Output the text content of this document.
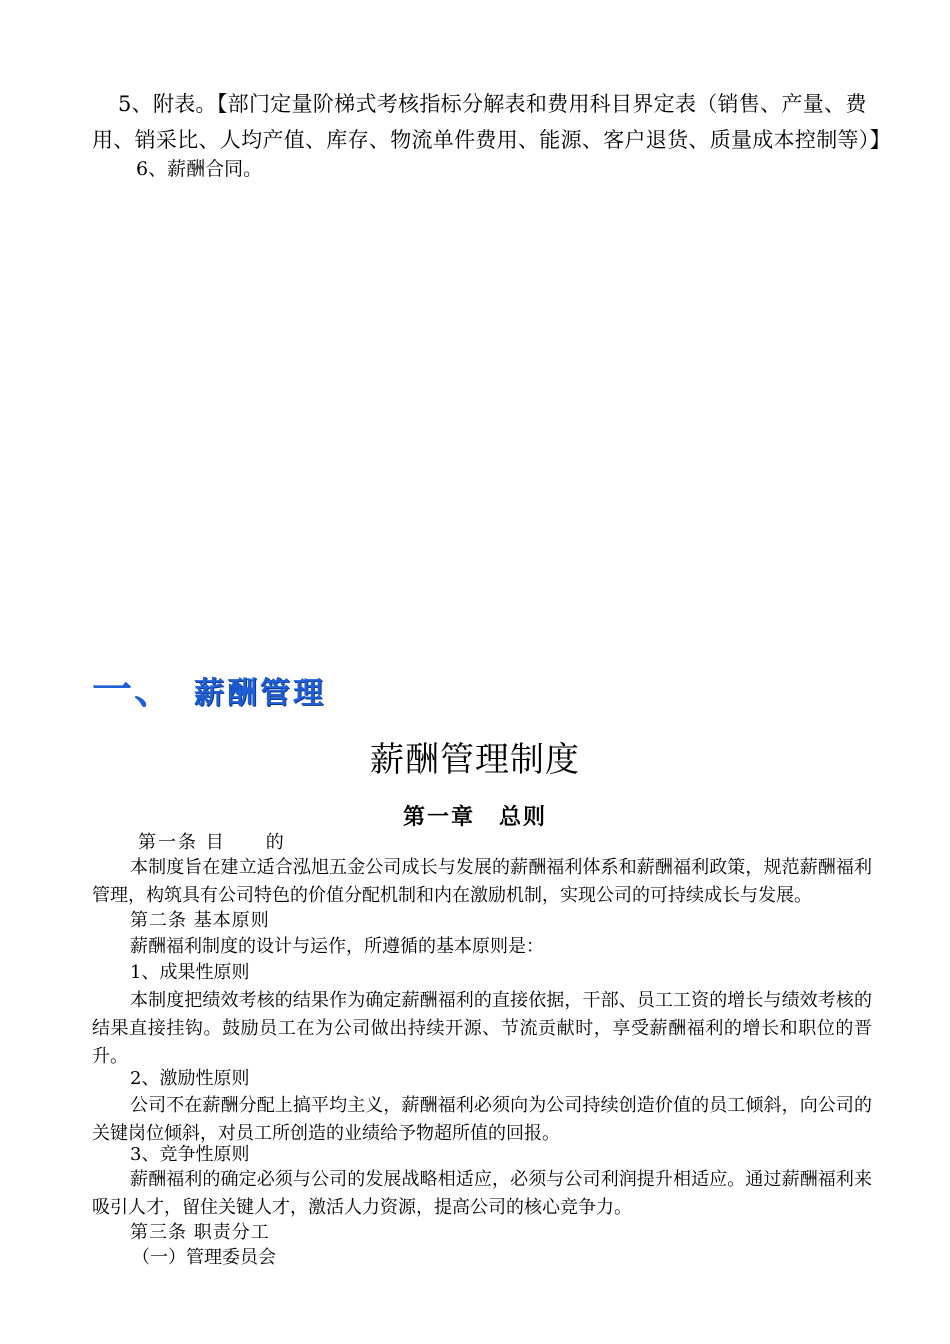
5、附表。【部门定量阶梯式考核指标分解表和费用科目界定表（销售、产量、费
用、销采比、人均产值、库存、物流单件费用、能源、客户退货、质量成本控制等）】
6、薪酬合同。
一、 薪酬管理
薪酬管理制度
第一章　总则
第一条 目　　的

本制度旨在建立适合泓旭五金公司成长与发展的薪酬福利体系和薪酬福利政策，规范薪酬福利管理，构筑具有公司特色的价值分配机制和内在激励机制，实现公司的可持续成长与发展。

第二条 基本原则
薪酬福利制度的设计与运作，所遵循的基本原则是：
1、成果性原则

本制度把绩效考核的结果作为确定薪酬福利的直接依据，干部、员工工资的增长与绩效考核的结果直接挂钩。鼓励员工在为公司做出持续开源、节流贡献时，享受薪酬福利的增长和职位的晋升。

2、激励性原则

公司不在薪酬分配上搞平均主义，薪酬福利必须向为公司持续创造价值的员工倾斜，向公司的关键岗位倾斜，对员工所创造的业绩给予物超所值的回报。

3、竞争性原则

薪酬福利的确定必须与公司的发展战略相适应，必须与公司利润提升相适应。通过薪酬福利来吸引人才，留住关键人才，激活人力资源，提高公司的核心竞争力。

第三条 职责分工
（一）管理委员会
